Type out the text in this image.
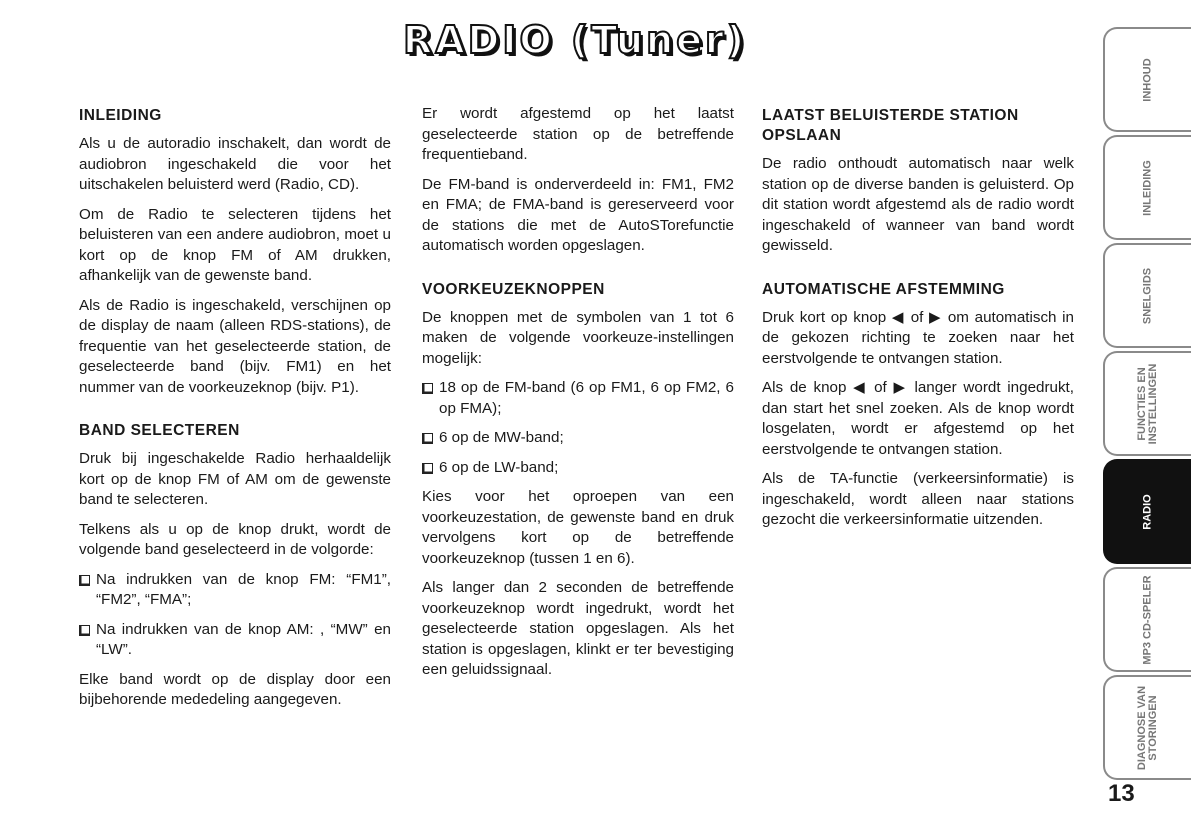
RADIO (Tuner)
INLEIDING

Als u de autoradio inschakelt, dan wordt de audiobron ingeschakeld die voor het uitschakelen beluisterd werd (Radio, CD).

Om de Radio te selecteren tijdens het beluisteren van een andere audiobron, moet u kort op de knop FM of AM drukken, afhankelijk van de gewenste band.

Als de Radio is ingeschakeld, verschijnen op de display de naam (alleen RDS-stations), de frequentie van het geselecteerde station, de geselecteerde band (bijv. FM1) en het nummer van de voorkeuzeknop (bijv. P1).

BAND SELECTEREN

Druk bij ingeschakelde Radio herhaaldelijk kort op de knop FM of AM om de gewenste band te selecteren.

Telkens als u op de knop drukt, wordt de volgende band geselecteerd in de volgorde:

Na indrukken van de knop FM: “FM1”, “FM2”, “FMA”;
Na indrukken van de knop AM: , “MW” en “LW”.

Elke band wordt op de display door een bijbehorende mededeling aangegeven.

Er wordt afgestemd op het laatst geselecteerde station op de betreffende frequentieband.

De FM-band is onderverdeeld in: FM1, FM2 en FMA; de FMA-band is gereserveerd voor de stations die met de AutoSTorefunctie automatisch worden opgeslagen.

VOORKEUZEKNOPPEN

De knoppen met de symbolen van 1 tot 6 maken de volgende voorkeuze-instellingen mogelijk:

18 op de FM-band (6 op FM1, 6 op FM2, 6 op FMA);
6 op de MW-band;
6 op de LW-band;

Kies voor het oproepen van een voorkeuzestation, de gewenste band en druk vervolgens kort op de betreffende voorkeuzeknop (tussen 1 en 6).

Als langer dan 2 seconden de betreffende voorkeuzeknop wordt ingedrukt, wordt het geselecteerde station opgeslagen. Als het station is opgeslagen, klinkt er ter bevestiging een geluidssignaal.

LAATST BELUISTERDE STATION OPSLAAN

De radio onthoudt automatisch naar welk station op de diverse banden is geluisterd. Op dit station wordt afgestemd als de radio wordt ingeschakeld of wanneer van band wordt gewisseld.

AUTOMATISCHE AFSTEMMING

Druk kort op knop ◀ of ▶ om automatisch in de gekozen richting te zoeken naar het eerstvolgende te ontvangen station.

Als de knop ◀ of ▶ langer wordt ingedrukt, dan start het snel zoeken. Als de knop wordt losgelaten, wordt er afgestemd op het eerstvolgende te ontvangen station.

Als de TA-functie (verkeersinformatie) is ingeschakeld, wordt alleen naar stations gezocht die verkeersinformatie uitzenden.

INHOUD
INLEIDING
SNELGIDS
FUNCTIES EN
INSTELLINGEN
RADIO
MP3 CD-SPELER
DIAGNOSE VAN
STORINGEN
13
